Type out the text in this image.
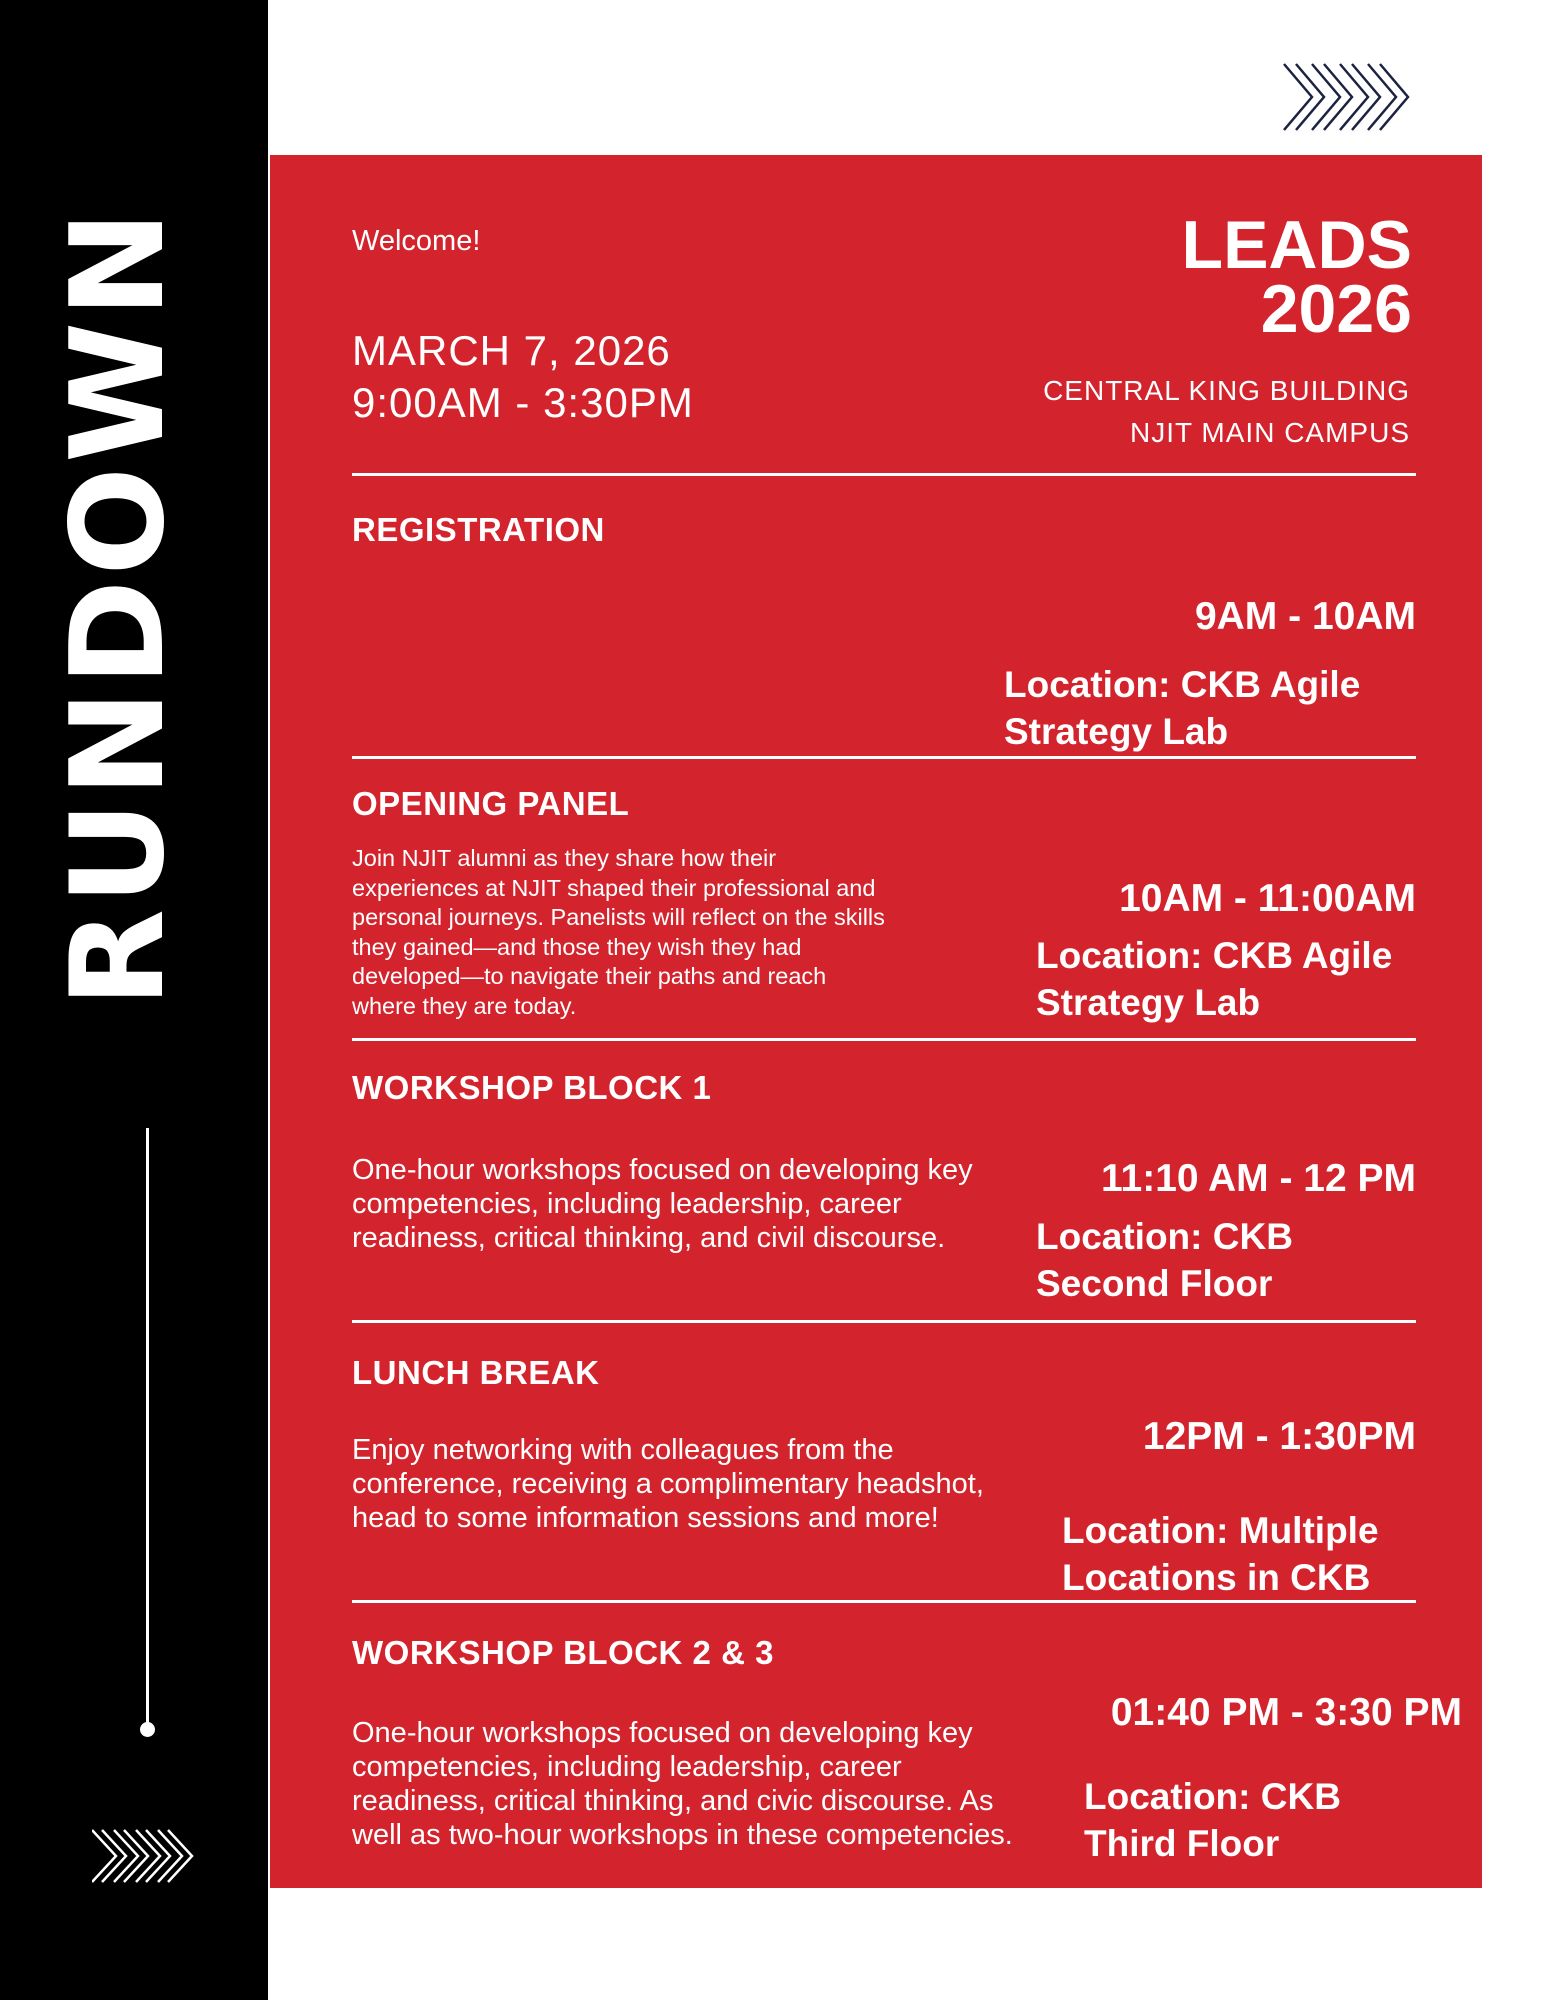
RUNDOWN	Welcome!
MARCH 7, 2026
9:00AM - 3:30PM
LEADS
2026
CENTRAL KING BUILDING
NJIT MAIN CAMPUS
REGISTRATION
9AM - 10AM
Location: CKB Agile
Strategy Lab
OPENING PANEL
Join NJIT alumni as they share how their
experiences at NJIT shaped their professional and
personal journeys. Panelists will reflect on the skills
they gained—and those they wish they had
developed—to navigate their paths and reach
where they are today.
10AM - 11:00AM
Location: CKB Agile
Strategy Lab
WORKSHOP BLOCK 1
One-hour workshops focused on developing key
competencies, including leadership, career
readiness, critical thinking, and civil discourse.
11:10 AM - 12 PM
Location: CKB
Second Floor
LUNCH BREAK
Enjoy networking with colleagues from the
conference, receiving a complimentary headshot,
head to some information sessions and more!
12PM - 1:30PM
Location: Multiple
Locations in CKB
WORKSHOP BLOCK 2 & 3
One-hour workshops focused on developing key
competencies, including leadership, career
readiness, critical thinking, and civic discourse. As
well as two-hour workshops in these competencies.
01:40 PM - 3:30 PM
Location: CKB
Third Floor
